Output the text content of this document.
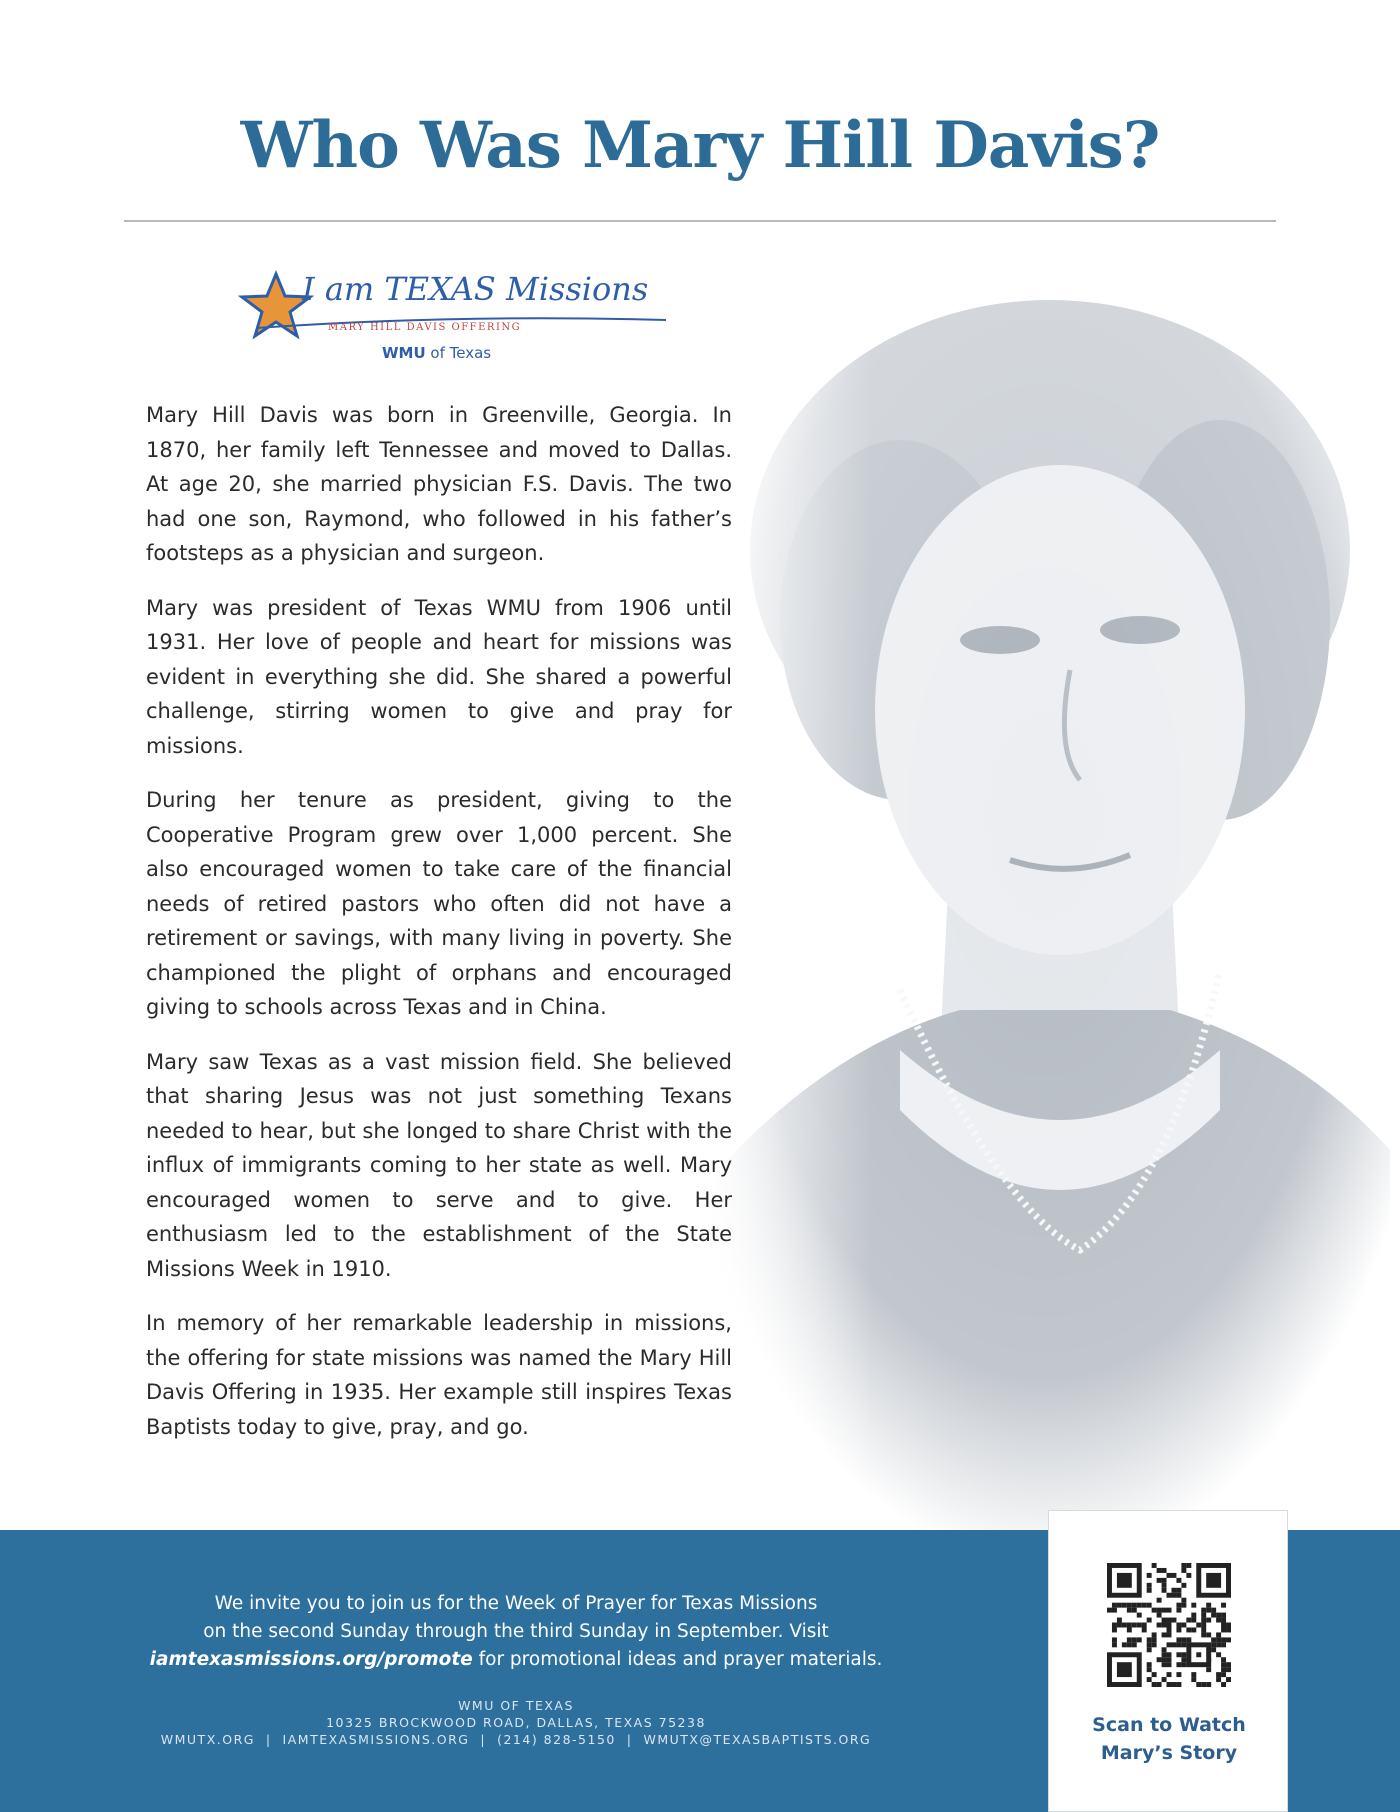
Who Was Mary Hill Davis?
I am TEXAS Missions
MARY HILL DAVIS OFFERING
WMU of Texas

Mary Hill Davis was born in Greenville, Georgia. In 1870, her family left Tennessee and moved to Dallas. At age 20, she married physician F.S. Davis. The two had one son, Raymond, who followed in his father’s footsteps as a physician and surgeon.

Mary was president of Texas WMU from 1906 until 1931. Her love of people and heart for missions was evident in everything she did. She shared a powerful challenge, stirring women to give and pray for missions.

During her tenure as president, giving to the Cooperative Program grew over 1,000 percent. She also encouraged women to take care of the financial needs of retired pastors who often did not have a retirement or savings, with many living in poverty. She championed the plight of orphans and encouraged giving to schools across Texas and in China.

Mary saw Texas as a vast mission field. She believed that sharing Jesus was not just something Texans needed to hear, but she longed to share Christ with the influx of immigrants coming to her state as well. Mary encouraged women to serve and to give. Her enthusiasm led to the establishment of the State Missions Week in 1910.

In memory of her remarkable leadership in missions, the offering for state missions was named the Mary Hill Davis Offering in 1935. Her example still inspires Texas Baptists today to give, pray, and go.

We invite you to join us for the Week of Prayer for Texas Missions
on the second Sunday through the third Sunday in September. Visit
iamtexasmissions.org/promote for promotional ideas and prayer materials.
WMU OF TEXAS
10325 BROCKWOOD ROAD, DALLAS, TEXAS 75238
WMUTX.ORG  |  IAMTEXASMISSIONS.ORG  |  (214) 828-5150  |  WMUTX@TEXASBAPTISTS.ORG
Scan to Watch
Mary’s Story
